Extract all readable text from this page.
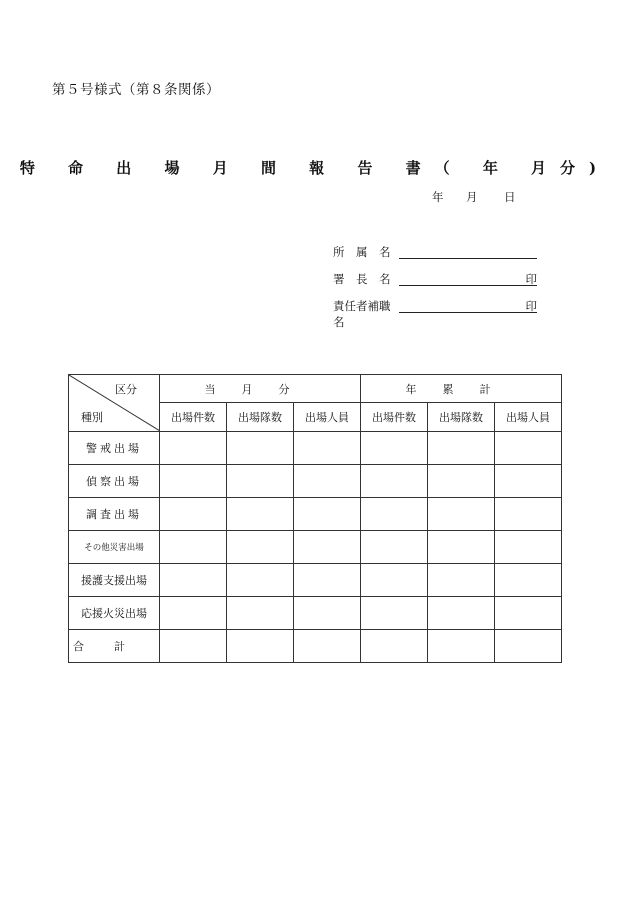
第５号様式（第８条関係）
特 命 出 場 月 間 報 告 書（ 年 月分)
年 月 日
所　属　名
署　長　名	印
責任者補職名
印
区分
種別	当月分			年累計		
	出場件数	出場隊数	出場人員	出場件数	出場隊数	出場人員
警戒出場						
偵察出場						
調査出場						
その他災害出場						
援護支援出場						
応援火災出場						
合計						
